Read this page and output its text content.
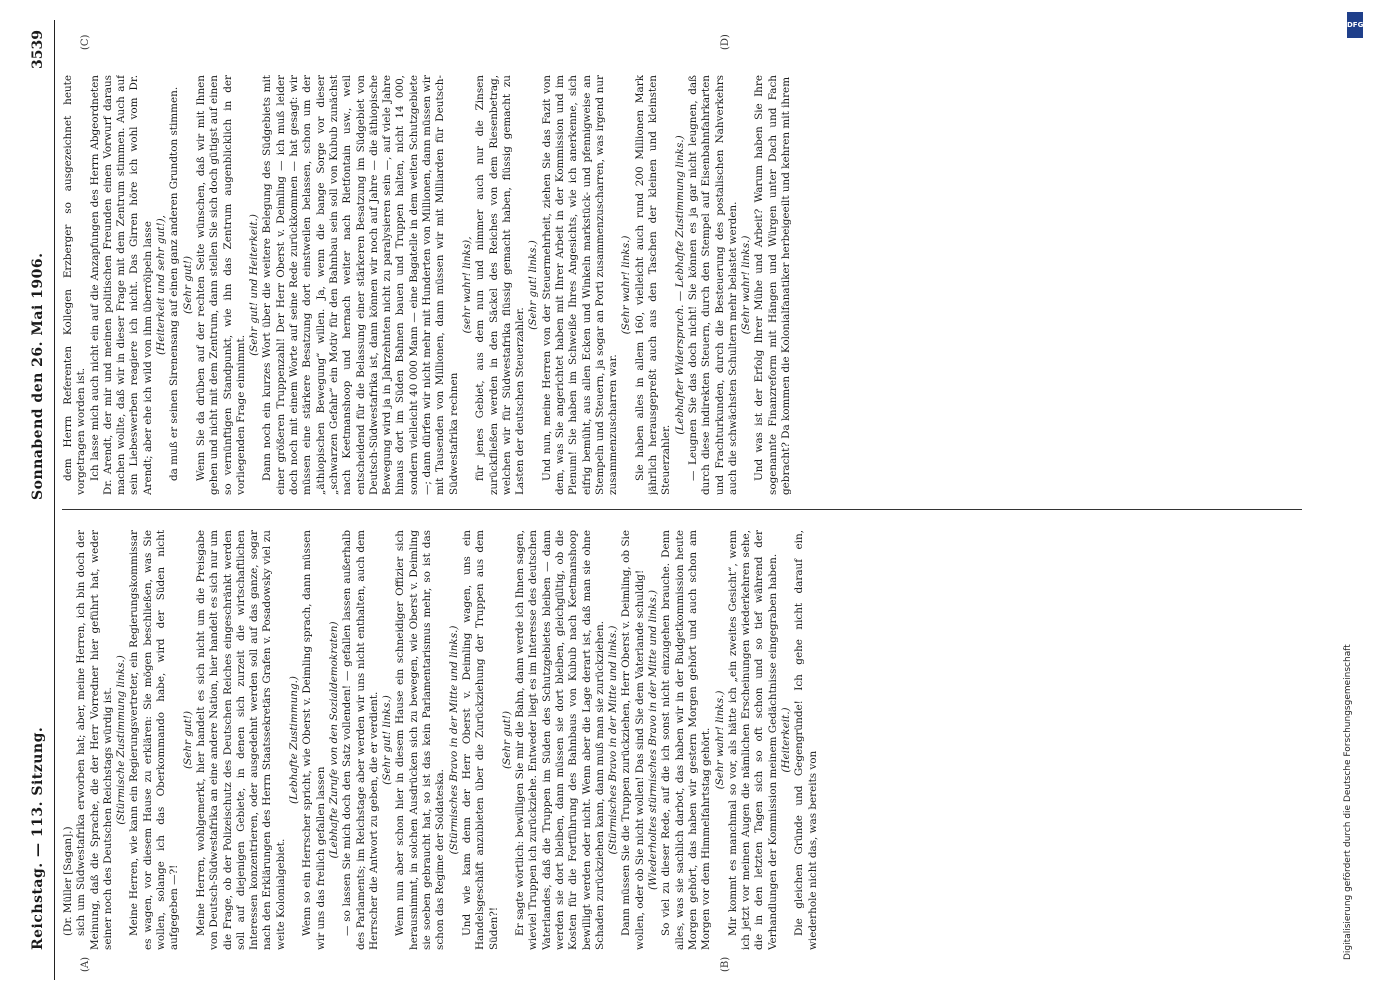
Reichstag. — 113. Sitzung.
Sonnabend den 26. Mai 1906.
3539

(Dr. Müller [Sagan].) sich um Südwestafrika erworben hat; aber, meine Herren, ich bin doch der Meinung, daß die Sprache, die der Herr Vorredner hier geführt hat, weder seiner noch des Deutschen Reichstags würdig ist. (Stürmische Zustimmung links.) Meine Herren, wie kann ein Regierungsvertreter, ein Regierungskommissar es wagen, vor diesem Hause zu erklären: Sie mögen beschließen, was Sie wollen, solange ich das Oberkommando habe, wird der Süden nicht aufgegeben —?!

(Sehr gut!) Meine Herren, wohlgemerkt, hier handelt es sich nicht um die Preisgabe von Deutsch-Südwestafrika an eine andere Nation, hier handelt es sich nur um die Frage, ob der Polizeischutz des Deutschen Reiches eingeschränkt werden soll auf diejenigen Gebiete, in denen sich zurzeit die wirtschaftlichen Interessen konzentrieren, oder ausgedehnt werden soll auf das ganze, sogar nach den Erklärungen des Herrn Staatssekretärs Grafen v. Posadowsky viel zu weite Kolonialgebiet.

(Lebhafte Zustimmung.) Wenn so ein Herrscher spricht, wie Oberst v. Deimling sprach, dann müssen wir uns das freilich gefallen lassen (Lebhafte Zurufe von den Sozialdemokraten) — so lassen Sie mich doch den Satz vollenden! — gefallen lassen außerhalb des Parlaments; im Reichstage aber werden wir uns nicht enthalten, auch dem Herrscher die Antwort zu geben, die er verdient. (Sehr gut! links.) Wenn nun aber schon hier in diesem Hause ein schneidiger Offizier sich herausnimmt, in solchen Ausdrücken sich zu bewegen, wie Oberst v. Deimling sie soeben gebraucht hat, so ist das kein Parlamentarismus mehr, so ist das schon das Regime der Soldateska.

(Stürmisches Bravo in der Mitte und links.) Und wie kam denn der Herr Oberst v. Deimling wagen, uns ein Handelsgeschäft anzubieten über die Zurückziehung der Truppen aus dem Süden?!

(Sehr gut!) Er sagte wörtlich: bewilligen Sie mir die Bahn, dann werde ich Ihnen sagen, wieviel Truppen ich zurückziehe. Entweder liegt es im Interesse des deutschen Vaterlandes, daß die Truppen im Süden des Schutzgebietes bleiben — dann werden sie dort bleiben, dann müssen sie dort bleiben, gleichgültig, ob die Kosten für die Fortführung des Bahnbaus von Kubub nach Keetmanshoop bewilligt werden oder nicht. Wenn aber die Lage derart ist, daß man sie ohne Schaden zurückziehen kann, dann muß man sie zurückziehen. (Stürmisches Bravo in der Mitte und links.) Dann müssen Sie die Truppen zurückziehen, Herr Oberst v. Deimling, ob Sie wollen, oder ob Sie nicht wollen! Das sind Sie dem Vaterlande schuldig! (Wiederholtes stürmisches Bravo in der Mitte und links.) So viel zu dieser Rede, auf die ich sonst nicht einzugehen brauche. Denn alles, was sie sachlich darbot, das haben wir in der Budgetkommission heute Morgen gehört, das haben wir gestern Morgen gehört und auch schon am Morgen vor dem Himmelfahrtstag gehört. (Sehr wahr! links.) Mir kommt es manchmal so vor, als hätte ich „ein zweites Gesicht“, wenn ich jetzt vor meinen Augen die nämlichen Erscheinungen wiederkehren sehe, die in den letzten Tagen sich so oft schon und so tief während der Verhandlungen der Kommission meinem Gedächtnisse eingegraben haben. (Heiterkeit.) Die gleichen Gründe und Gegengründe! Ich gehe nicht darauf ein, wiederhole nicht das, was bereits von

dem Herrn Referenten Kollegen Erzberger so ausgezeichnet heute vorgetragen worden ist. Ich lasse mich auch nicht ein auf die Anzapfungen des Herrn Abgeordneten Dr. Arendt, der mir und meinen politischen Freunden einen Vorwurf daraus machen wollte, daß wir in dieser Frage mit dem Zentrum stimmen. Auch auf sein Liebeswerben reagiere ich nicht. Das Girren höre ich wohl vom Dr. Arendt; aber ehe ich wild von ihm überrölpeln lasse (Heiterkeit und sehr gut!), da muß er seinen Sirenensang auf einen ganz anderen Grundton stimmen. (Sehr gut!) Wenn Sie da drüben auf der rechten Seite wünschen, daß wir mit Ihnen gehen und nicht mit dem Zentrum, dann stellen Sie sich doch gütigst auf einen so vernünftigen Standpunkt, wie ihn das Zentrum augenblicklich in der vorliegenden Frage einnimmt.

(Sehr gut! und Heiterkeit.) Dann noch ein kurzes Wort über die weitere Belegung des Südgebiets mit einer größeren Truppenzahl! Der Herr Oberst v. Deimling — ich muß leider doch noch mit einem Worte auf seine Rede zurückkommen — hat gesagt: wir müssen eine stärkere Besatzung dort einstweilen belassen, schon um der „äthiopischen Bewegung“ willen. Ja, wenn die bange Sorge vor dieser „schwarzen Gefahr“ ein Motiv für den Bahnbau sein soll von Kubub zunächst nach Keetmanshoop und hernach weiter nach Rietfontain usw., weil entscheidend für die Belassung einer stärkeren Besatzung im Südgebiet von Deutsch-Südwestafrika ist, dann können wir noch auf Jahre — die äthiopische Bewegung wird ja in Jahrzehnten nicht zu paralysieren sein —, auf viele Jahre hinaus dort im Süden Bahnen bauen und Truppen halten, nicht 14 000, sondern vielleicht 40 000 Mann — eine Bagatelle in dem weiten Schutzgebiete —; dann dürfen wir nicht mehr mit Hunderten von Millionen, dann müssen wir mit Tausenden von Millionen, dann müssen wir mit Milliarden für Deutsch-Südwestafrika rechnen

(sehr wahr! links), für jenes Gebiet, aus dem nun und nimmer auch nur die Zinsen zurückfließen werden in den Säckel des Reiches von dem Riesenbetrag, welchen wir für Südwestafrika flüssig gemacht haben, flüssig gemacht zu Lasten der deutschen Steuerzahler.

(Sehr gut! links.) Und nun, meine Herren von der Steuermehrheit, ziehen Sie das Fazit von dem, was Sie angerichtet haben mit Ihrer Arbeit in der Kommission und im Plenum! Sie haben im Schweiße Ihres Angesichts, wie ich anerkenne, sich eifrig bemüht, aus allen Ecken und Winkeln markstück- und pfennigweise an Stempeln und Steuern, ja sogar an Porti zusammenzuscharren, was irgend nur zusammenzuscharren war.

(Sehr wahr! links.) Sie haben alles in allem 160, vielleicht auch rund 200 Millionen Mark jährlich herausgepreßt auch aus den Taschen der kleinen und kleinsten Steuerzahler.

(Lebhafter Widerspruch. — Lebhafte Zustimmung links.) — Leugnen Sie das doch nicht! Sie können es ja gar nicht leugnen, daß durch diese indirekten Steuern, durch den Stempel auf Eisenbahnfahrkarten und Frachturkunden, durch die Besteuerung des postalischen Nahverkehrs auch die schwächsten Schultern mehr belastet werden. (Sehr wahr! links.) Und was ist der Erfolg Ihrer Mühe und Arbeit? Warum haben Sie Ihre sogenannte Finanzreform mit Hängen und Würgen unter Dach und Fach gebracht? Da kommen die Kolonialfanatiker herbeigeeilt und kehren mit ihrem

(A)	(B)
(C)	(D)
DFG
Digitalisierung gefördert durch die Deutsche Forschungsgemeinschaft
